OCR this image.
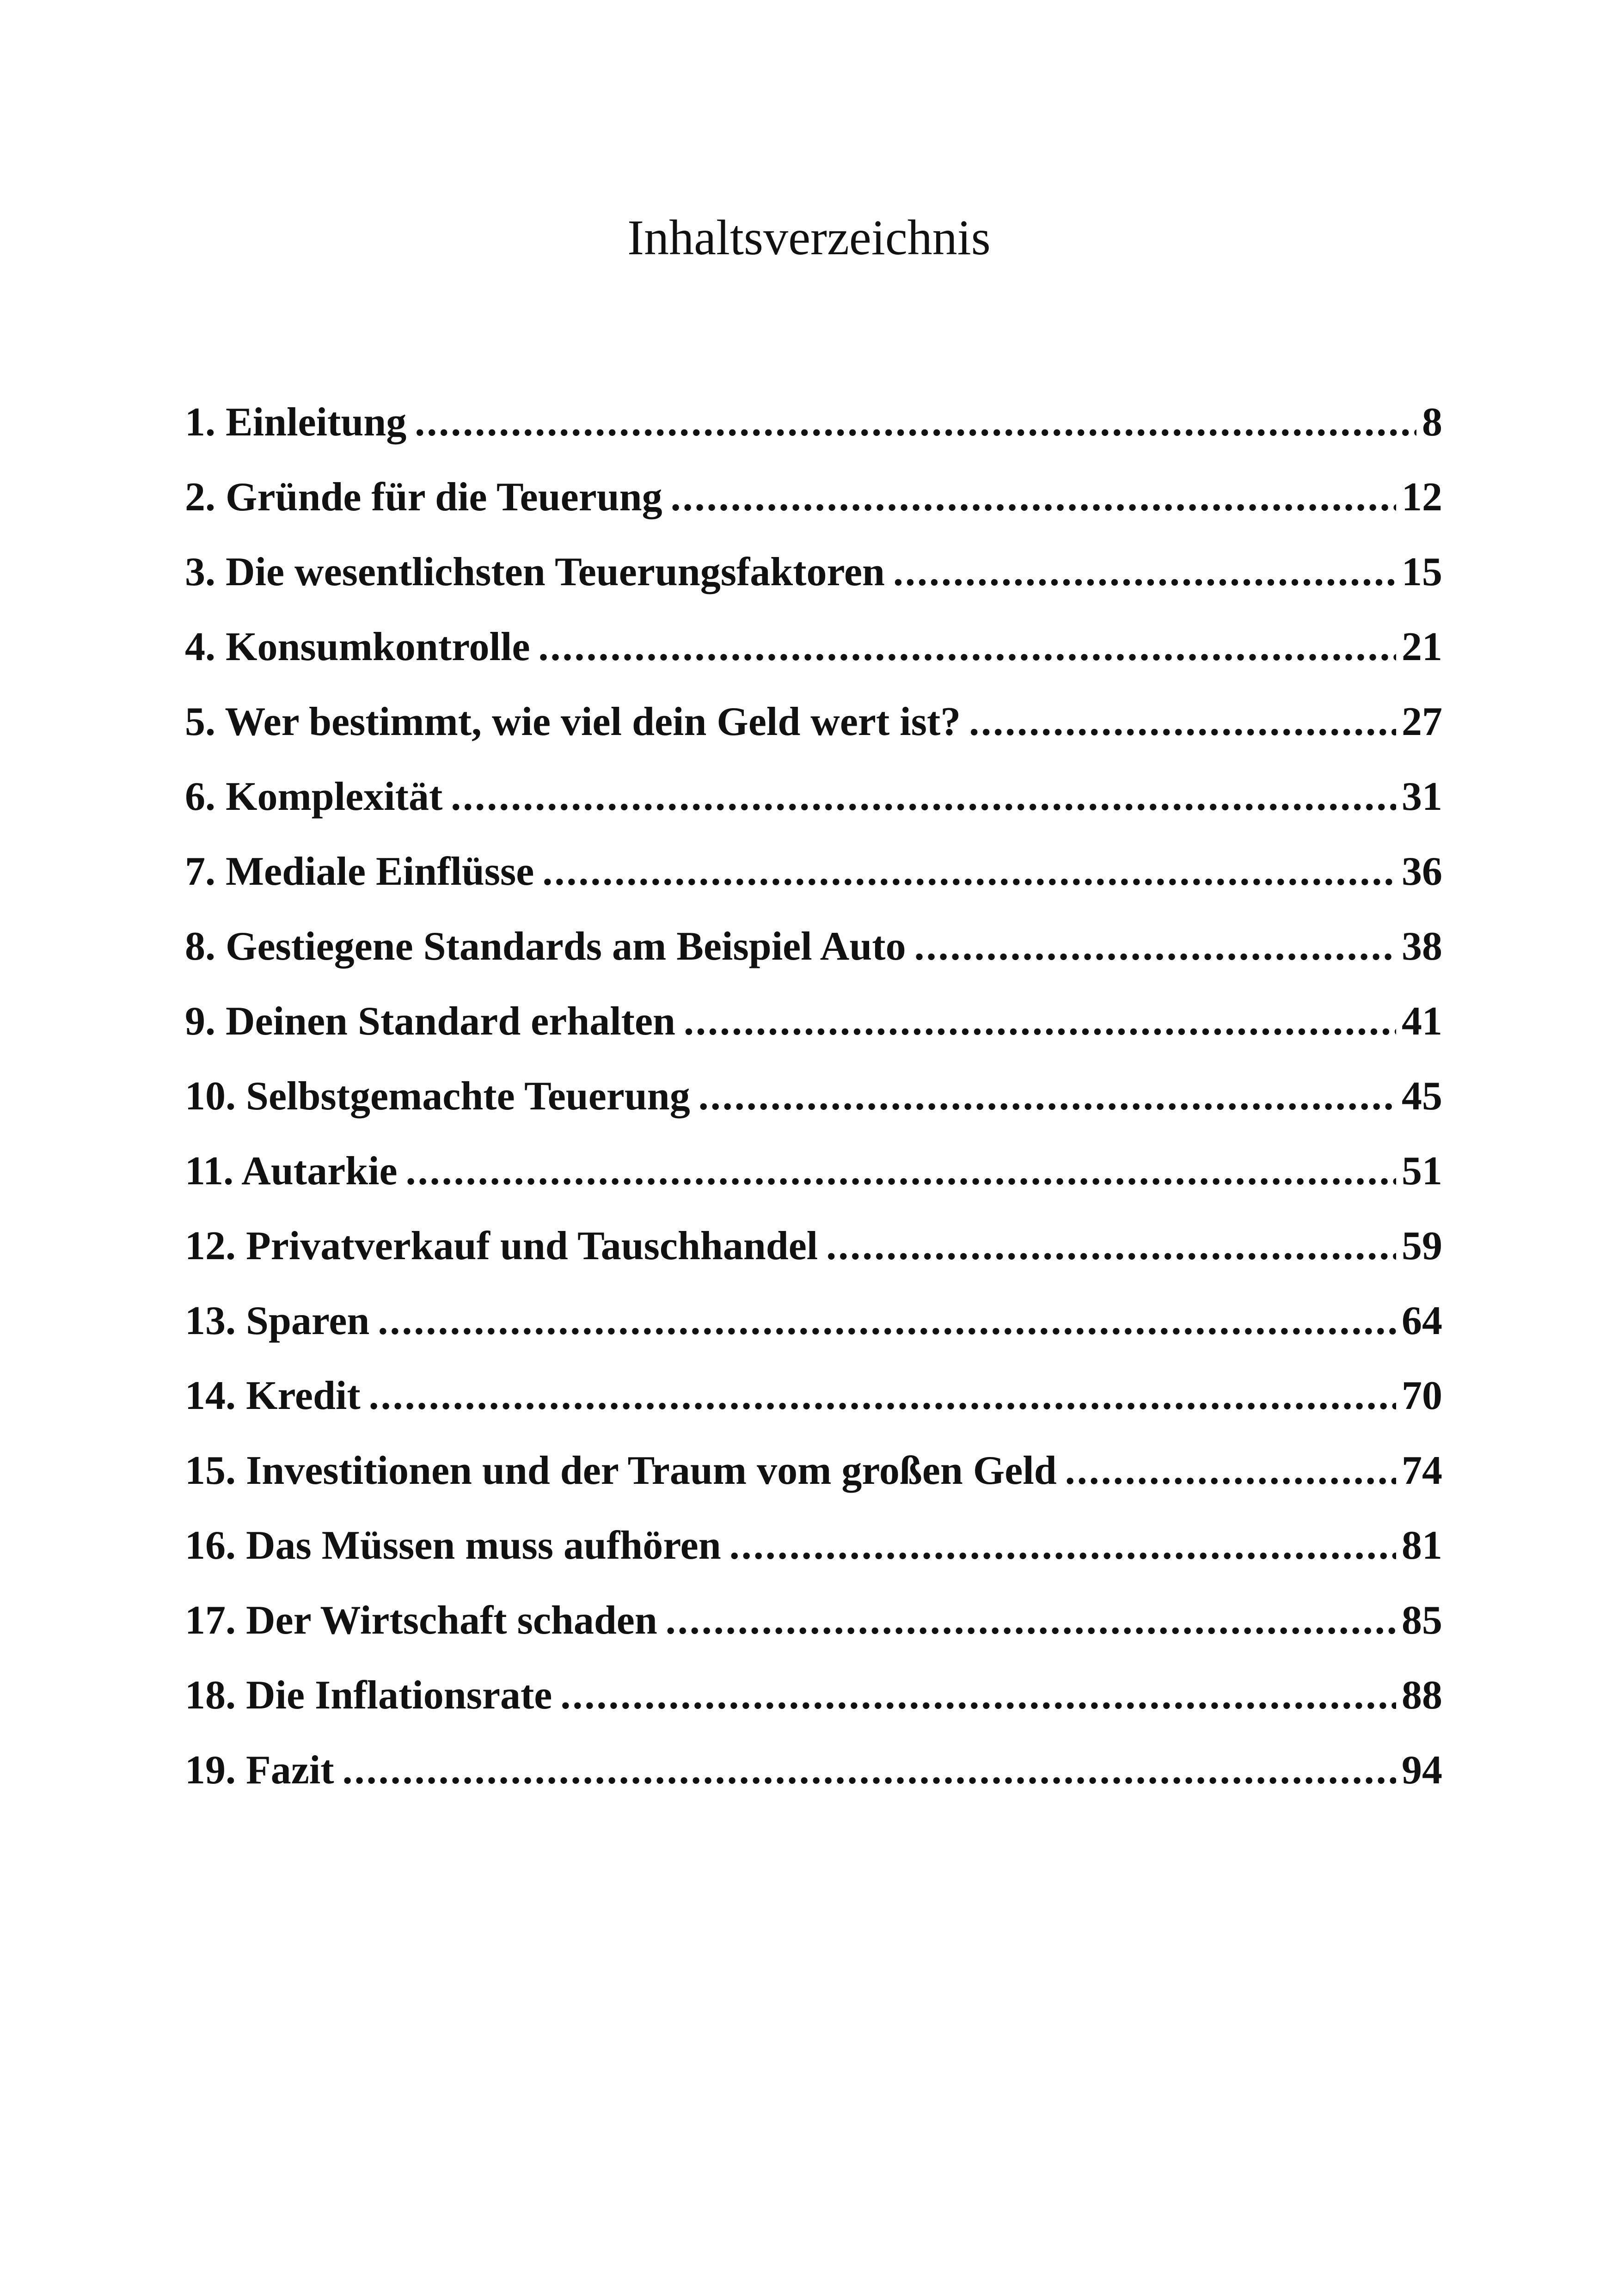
Inhaltsverzeichnis
1. Einleitung .....	8
2. Gründe für die Teuerung .....	12
3. Die wesentlichsten Teuerungsfaktoren .....	15
4. Konsumkontrolle .....	21
5. Wer bestimmt, wie viel dein Geld wert ist? .....	27
6. Komplexität .....	31
7. Mediale Einflüsse .....	36
8. Gestiegene Standards am Beispiel Auto .....	38
9. Deinen Standard erhalten .....	41
10. Selbstgemachte Teuerung .....	45
11. Autarkie .....	51
12. Privatverkauf und Tauschhandel .....	59
13. Sparen .....	64
14. Kredit .....	70
15. Investitionen und der Traum vom großen Geld .....	74
16. Das Müssen muss aufhören .....	81
17. Der Wirtschaft schaden .....	85
18. Die Inflationsrate .....	88
19. Fazit .....	94
